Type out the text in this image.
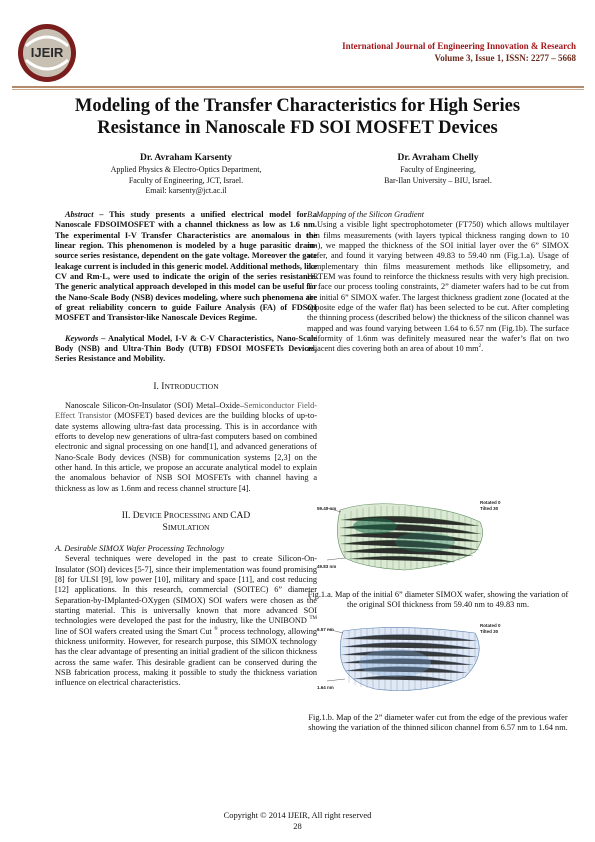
IJEIR	International Journal of Engineering Innovation & Research
Volume 3, Issue 1, ISSN: 2277 – 5668
Modeling of the Transfer Characteristics for High Series
Resistance in Nanoscale FD SOI MOSFET Devices
Dr. Avraham Karsenty
Applied Physics & Electro-Optics Department,
Faculty of Engineering, JCT, Israel.
Email: karsenty@jct.ac.il
Dr. Avraham Chelly
Faculty of Engineering,
Bar-Ilan University – BIU, Israel.

Abstract – This study presents a unified electrical model for a Nanoscale FDSOIMOSFET with a channel thickness as low as 1.6 nm. The experimental I-V Transfer Characteristics are anomalous in the linear region. This phenomenon is modeled by a huge parasitic drain-source series resistance, dependent on the gate voltage. Moreover the gate leakage current is included in this generic model. Additional methods, like CV and Rm-L, were used to indicate the origin of the series resistance. The generic analytical approach developed in this model can be useful for the Nano-Scale Body (NSB) devices modeling, where such phenomena are of great reliability concern to guide Failure Analysis (FA) of FDSOI MOSFET and Transistor-like Nanoscale Devices Regime.

Keywords – Analytical Model, I-V & C-V Characteristics, Nano-Scale Body (NSB) and Ultra-Thin Body (UTB) FDSOI MOSFETs Devices, Series Resistance and Mobility.

I. INTRODUCTION

Nanoscale Silicon-On-Insulator (SOI) Metal–Oxide–Semiconductor Field-Effect Transistor (MOSFET) based devices are the building blocks of up-to-date systems allowing ultra-fast data processing. This is in accordance with efforts to develop new generations of ultra-fast computers based on combined electronic and signal processing on one hand[1], and advanced generations of Nano-Scale Body devices (NSB) for communication systems [2,3] on the other hand. In this article, we propose an accurate analytical model to explain the anomalous behavior of NSB SOI MOSFETs with channel having a thickness as low as 1.6nm and recess channel structure [4].

II. DEVICE PROCESSING AND CAD
SIMULATION
A. Desirable SIMOX Wafer Processing Technology

Several techniques were developed in the past to create Silicon-On-Insulator (SOI) devices [5-7], since their implementation was found promising [8] for ULSI [9], low power [10], military and space [11], and cost reducing [12] applications. In this research, commercial (SOITEC) 6” diameter Separation-by-IMplanted-OXygen (SIMOX) SOI wafers were chosen as the starting material. This is universally known that more advanced SOI technologies were developed the past for the industry, like the UNIBOND ™ line of SOI wafers created using the Smart Cut ® process technology, allowing thickness uniformity. However, for research purpose, this SIMOX technology has the clear advantage of presenting an initial gradient of the silicon thickness across the same wafer. This desirable gradient can be conserved during the NSB fabrication process, making it possible to study the thickness variation influence on electrical characteristics.

59.40 nm
49.83 nm
Rotated 0
Tilted 30
Fig.1.a. Map of the initial 6” diameter SIMOX wafer, showing the variation of the original SOI thickness from 59.40 nm to 49.83 nm.
6.57 nm
1.64 nm
Rotated 0
Tilted 30
Fig.1.b. Map of the 2” diameter wafer cut from the edge of the previous wafer showing the variation of the thinned silicon channel from 6.57 nm to 1.64 nm.

B. Mapping of the Silicon Gradient

Using a visible light spectrophotometer (FT750) which allows multilayer thin films measurements (with layers typical thickness ranging down to 10 nm), we mapped the thickness of the SOI initial layer over the 6” SIMOX wafer, and found it varying between 49.83 to 59.40 nm (Fig.1.a). Usage of complementary thin films measurement methods like ellipsometry, and HRTEM was found to reinforce the thickness results with very high precision. To face our process tooling constraints, 2” diameter wafers had to be cut from the initial 6” SIMOX wafer. The largest thickness gradient zone (located at the opposite edge of the wafer flat) has been selected to be cut. After completing the thinning process (described below) the thickness of the silicon channel was mapped and was found varying between 1.64 to 6.57 nm (Fig.1b). The surface uniformity of 1.6nm was definitely measured near the wafer’s flat on two adjacent dies covering both an area of about 10 $mm^2$.

Copyright © 2014 IJEIR, All right reserved
28
